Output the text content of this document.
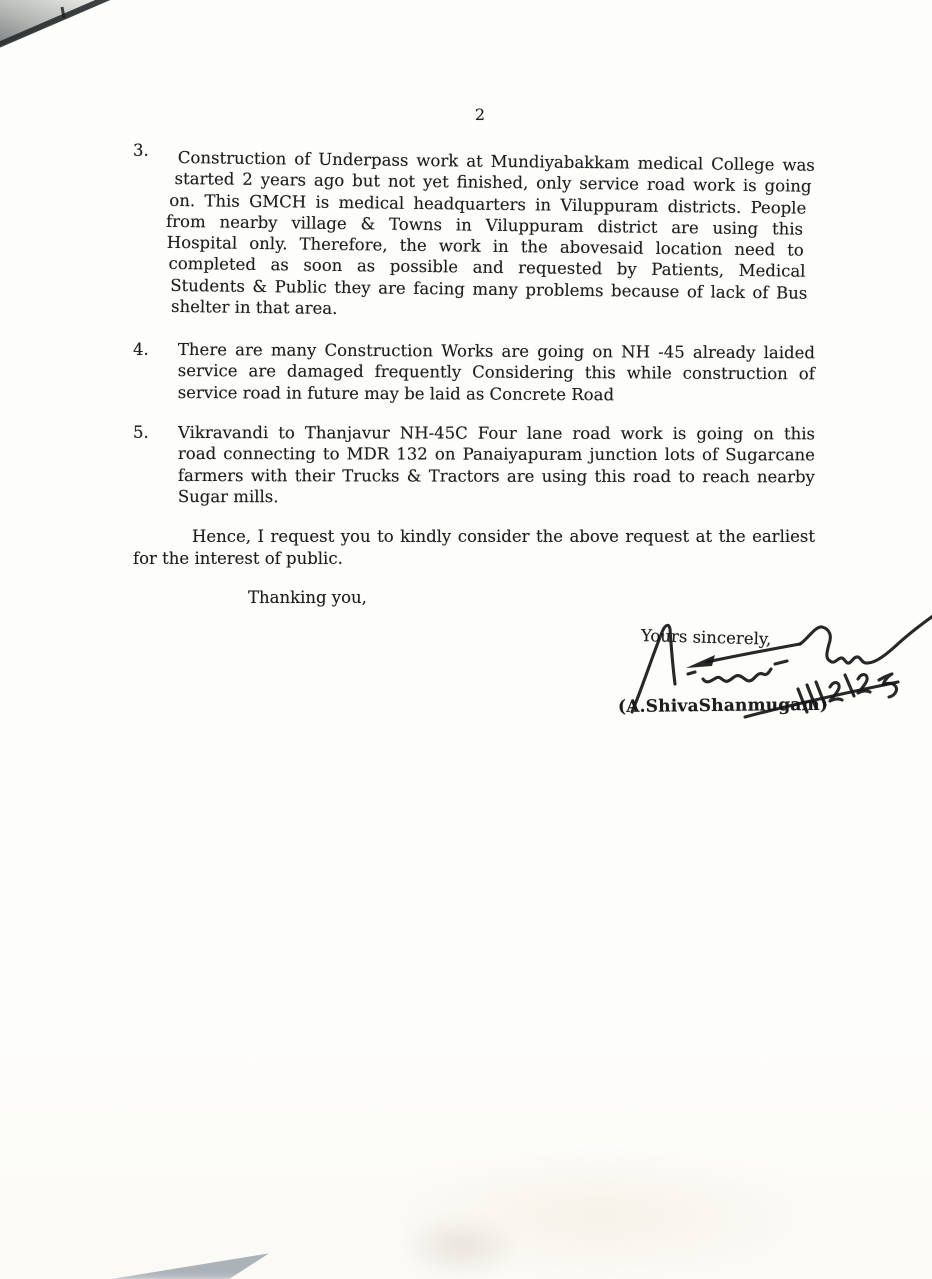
2
3.	Construction of Underpass work at Mundiyabakkam medical College was
started 2 years ago but not yet finished, only service road work is going
on. This GMCH is medical headquarters in Viluppuram districts. People
from nearby village & Towns in Viluppuram district are using this
Hospital only. Therefore, the work in the abovesaid location need to
completed as soon as possible and requested by Patients, Medical
Students & Public they are facing many problems because of lack of Bus
shelter in that area.
4.	There are many Construction Works are going on NH -45 already laided
service are damaged frequently Considering this while construction of
service road in future may be laid as Concrete Road
5.	Vikravandi to Thanjavur NH-45C Four lane road work is going on this
road connecting to MDR 132 on Panaiyapuram junction lots of Sugarcane
farmers with their Trucks & Tractors are using this road to reach nearby
Sugar mills.
Hence, I request you to kindly consider the above request at the earliest
for the interest of public.
Thanking you,
Yours sincerely,
(A.ShivaShanmugam)
